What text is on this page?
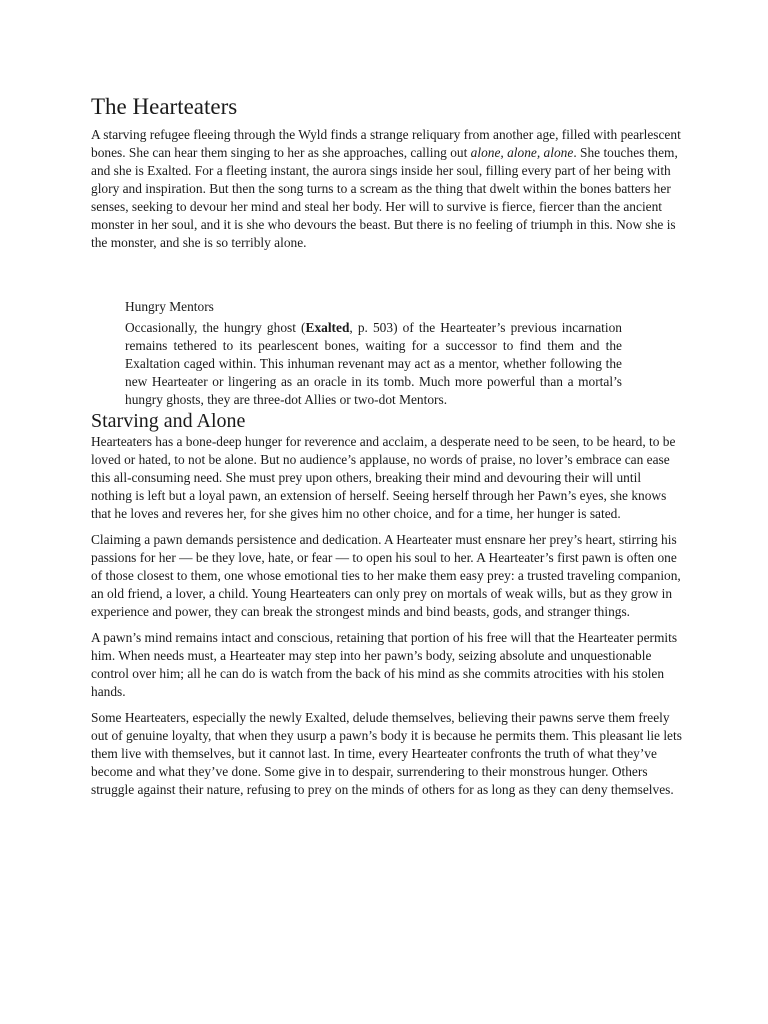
The Hearteaters

A starving refugee fleeing through the Wyld finds a strange reliquary from another age, filled with pearlescent bones. She can hear them singing to her as she approaches, calling out alone, alone, alone. She touches them, and she is Exalted. For a fleeting instant, the aurora sings inside her soul, filling every part of her being with glory and inspiration. But then the song turns to a scream as the thing that dwelt within the bones batters her senses, seeking to devour her mind and steal her body. Her will to survive is fierce, fiercer than the ancient monster in her soul, and it is she who devours the beast. But there is no feeling of triumph in this. Now she is the monster, and she is so terribly alone.

Hungry Mentors

Occasionally, the hungry ghost (Exalted, p. 503) of the Hearteater’s previous incarnation remains tethered to its pearlescent bones, waiting for a successor to find them and the Exaltation caged within. This inhuman revenant may act as a mentor, whether following the new Hearteater or lingering as an oracle in its tomb. Much more powerful than a mortal’s hungry ghosts, they are three-dot Allies or two-dot Mentors.

Starving and Alone

Hearteaters has a bone-deep hunger for reverence and acclaim, a desperate need to be seen, to be heard, to be loved or hated, to not be alone. But no audience’s applause, no words of praise, no lover’s embrace can ease this all-consuming need. She must prey upon others, breaking their mind and devouring their will until nothing is left but a loyal pawn, an extension of herself. Seeing herself through her Pawn’s eyes, she knows that he loves and reveres her, for she gives him no other choice, and for a time, her hunger is sated.

Claiming a pawn demands persistence and dedication. A Hearteater must ensnare her prey’s heart, stirring his passions for her — be they love, hate, or fear — to open his soul to her. A Hearteater’s first pawn is often one of those closest to them, one whose emotional ties to her make them easy prey: a trusted traveling companion, an old friend, a lover, a child. Young Hearteaters can only prey on mortals of weak wills, but as they grow in experience and power, they can break the strongest minds and bind beasts, gods, and stranger things.

A pawn’s mind remains intact and conscious, retaining that portion of his free will that the Hearteater permits him. When needs must, a Hearteater may step into her pawn’s body, seizing absolute and unquestionable control over him; all he can do is watch from the back of his mind as she commits atrocities with his stolen hands.

Some Hearteaters, especially the newly Exalted, delude themselves, believing their pawns serve them freely out of genuine loyalty, that when they usurp a pawn’s body it is because he permits them. This pleasant lie lets them live with themselves, but it cannot last. In time, every Hearteater confronts the truth of what they’ve become and what they’ve done. Some give in to despair, surrendering to their monstrous hunger. Others struggle against their nature, refusing to prey on the minds of others for as long as they can deny themselves.
